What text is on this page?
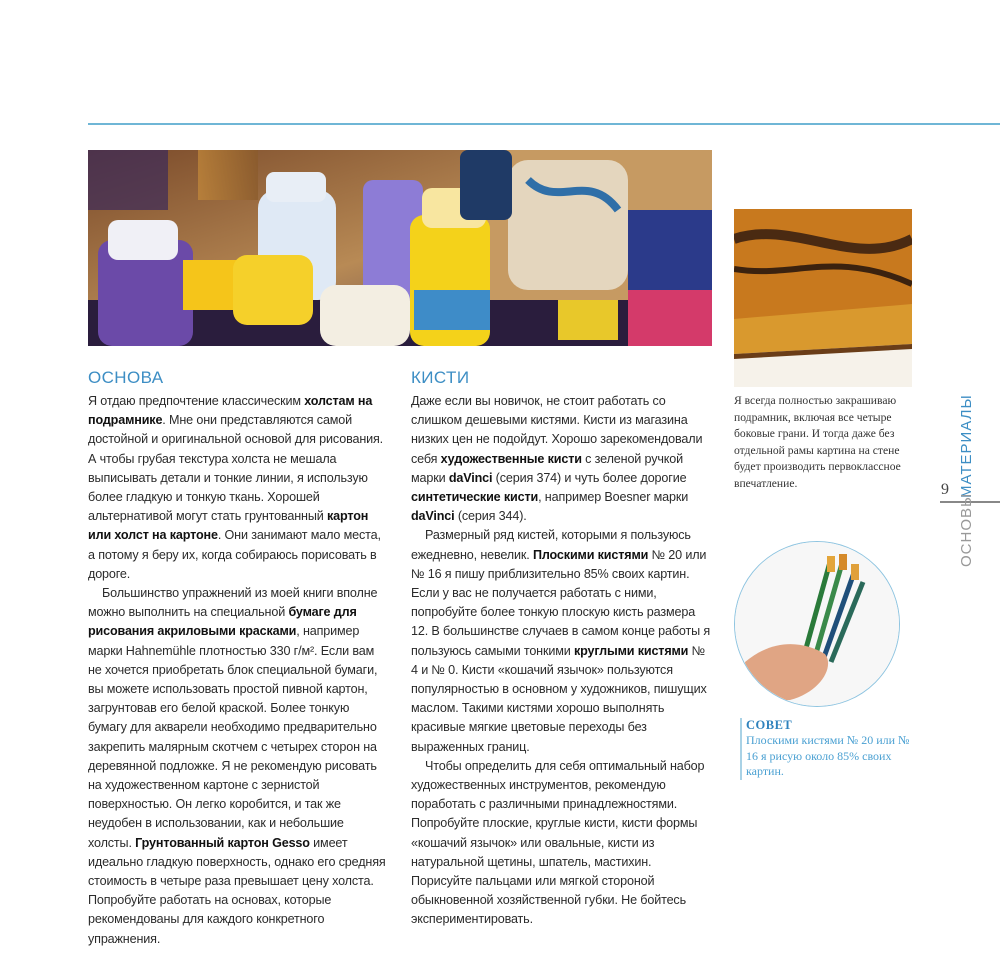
ОСНОВА	КИСТИ

Я отдаю предпочтение классическим холстам на подрамнике. Мне они представляются самой достойной и оригинальной основой для рисования. А чтобы грубая текстура холста не мешала выписывать детали и тонкие линии, я использую более гладкую и тонкую ткань. Хорошей альтернативой могут стать грунтованный картон или холст на картоне. Они занимают мало места, а потому я беру их, когда собираюсь порисовать в дороге.

Большинство упражнений из моей книги вполне можно выполнить на специальной бумаге для рисования акриловыми красками, например марки Hahnemühle плотностью 330 г/м². Если вам не хочется приобретать блок специальной бумаги, вы можете использовать простой пивной картон, загрунтовав его белой краской. Более тонкую бумагу для акварели необходимо предварительно закрепить малярным скотчем с четырех сторон на деревянной подложке. Я не рекомендую рисовать на художественном картоне с зернистой поверхностью. Он легко коробится, и так же неудобен в использовании, как и небольшие холсты. Грунтованный картон Gesso имеет идеально гладкую поверхность, однако его средняя стоимость в четыре раза превышает цену холста. Попробуйте работать на основах, которые рекомендованы для каждого конкретного упражнения.

Даже если вы новичок, не стоит работать со слишком дешевыми кистями. Кисти из магазина низких цен не подойдут. Хорошо зарекомендовали себя художественные кисти с зеленой ручкой марки daVinci (серия 374) и чуть более дорогие синтетические кисти, например Boesner марки daVinci (серия 344).

Размерный ряд кистей, которыми я пользуюсь ежедневно, невелик. Плоскими кистями № 20 или № 16 я пишу приблизительно 85% своих картин. Если у вас не получается работать с ними, попробуйте более тонкую плоскую кисть размера 12. В большинстве случаев в самом конце работы я пользуюсь самыми тонкими круглыми кистями № 4 и № 0. Кисти «кошачий язычок» пользуются популярностью в основном у художников, пишущих маслом. Такими кистями хорошо выполнять красивые мягкие цветовые переходы без выраженных границ.

Чтобы определить для себя оптимальный набор художественных инструментов, рекомендую поработать с различными принадлежностями. Попробуйте плоские, круглые кисти, кисти формы «кошачий язычок» или овальные, кисти из натуральной щетины, шпатель, мастихин. Порисуйте пальцами или мягкой стороной обыкновенной хозяйственной губки. Не бойтесь экспериментировать.

Я всегда полностью закрашиваю подрамник, включая все четыре боковые грани. И тогда даже без отдельной рамы картина на стене будет производить первоклассное впечатление.
СОВЕТ
Плоскими кистями № 20 или № 16 я рисую около 85% своих картин.
9 МАТЕРИАЛЫ
ОСНОВЫ
